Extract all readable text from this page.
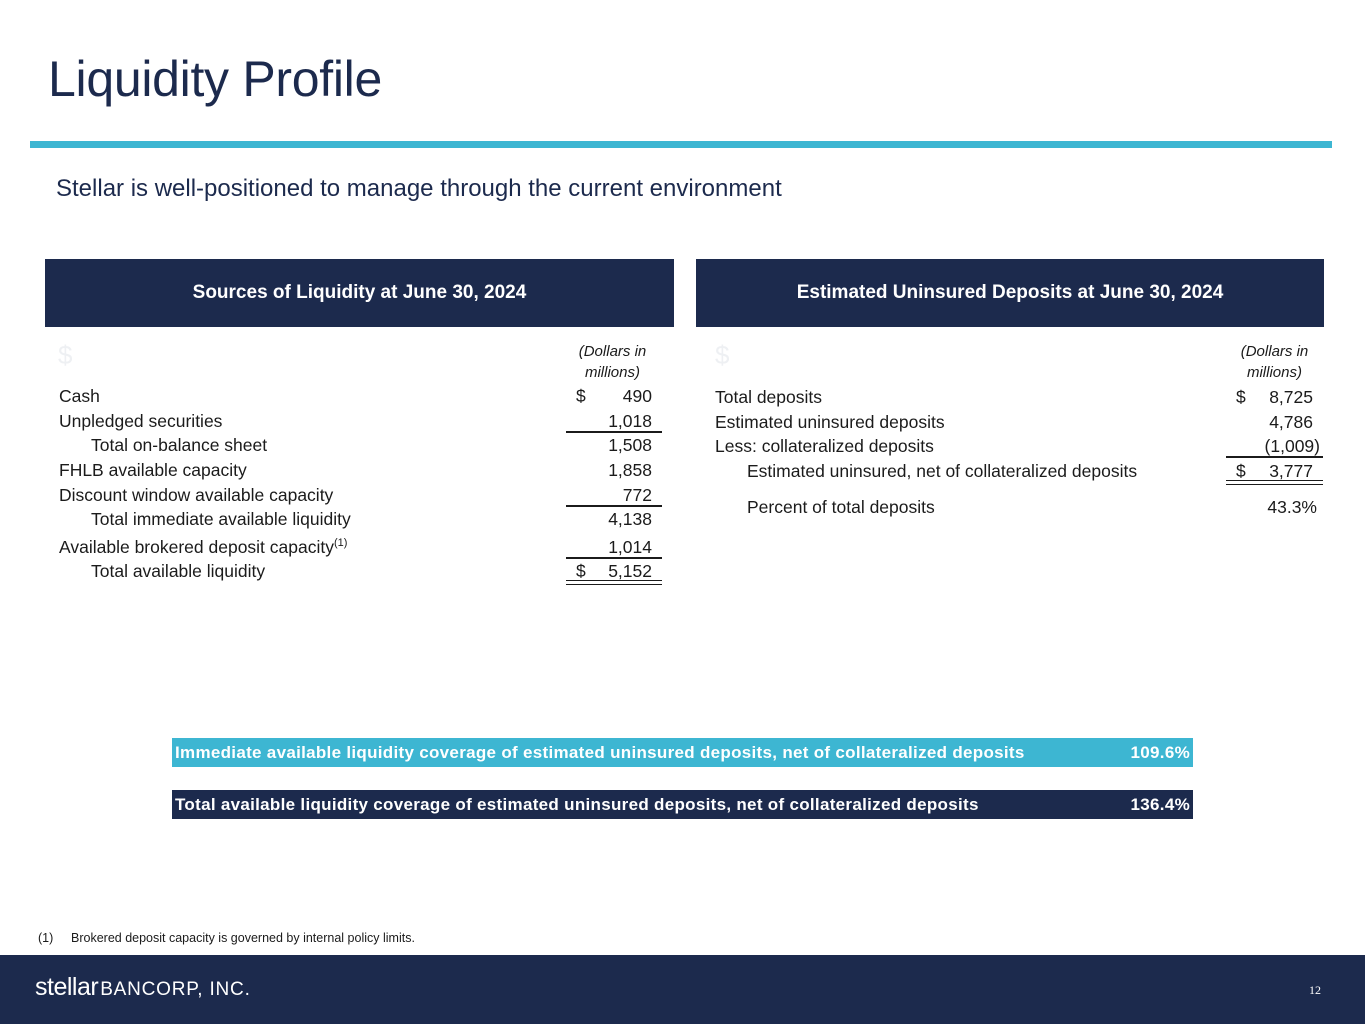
Liquidity Profile
Stellar is well-positioned to manage through the current environment
Sources of Liquidity at June 30, 2024
$	(Dollars in
millions)
Cash	$	490
Unpledged securities	1,018
Total on-balance sheet	1,508
FHLB available capacity	1,858
Discount window available capacity	772
Total immediate available liquidity	4,138
Available brokered deposit capacity$^{(1)}$	1,014
Total available liquidity	$	5,152
Estimated Uninsured Deposits at June 30, 2024
$	(Dollars in
millions)
Total deposits	$	8,725
Estimated uninsured deposits	4,786
Less: collateralized deposits	(1,009)
Estimated uninsured, net of collateralized deposits	$	3,777
Percent of total deposits	43.3%
Immediate available liquidity coverage of estimated uninsured deposits, net of collateralized deposits	109.6%
Total available liquidity coverage of estimated uninsured deposits, net of collateralized deposits	136.4%
(1) Brokered deposit capacity is governed by internal policy limits.
stellar BANCORP, INC.	12
